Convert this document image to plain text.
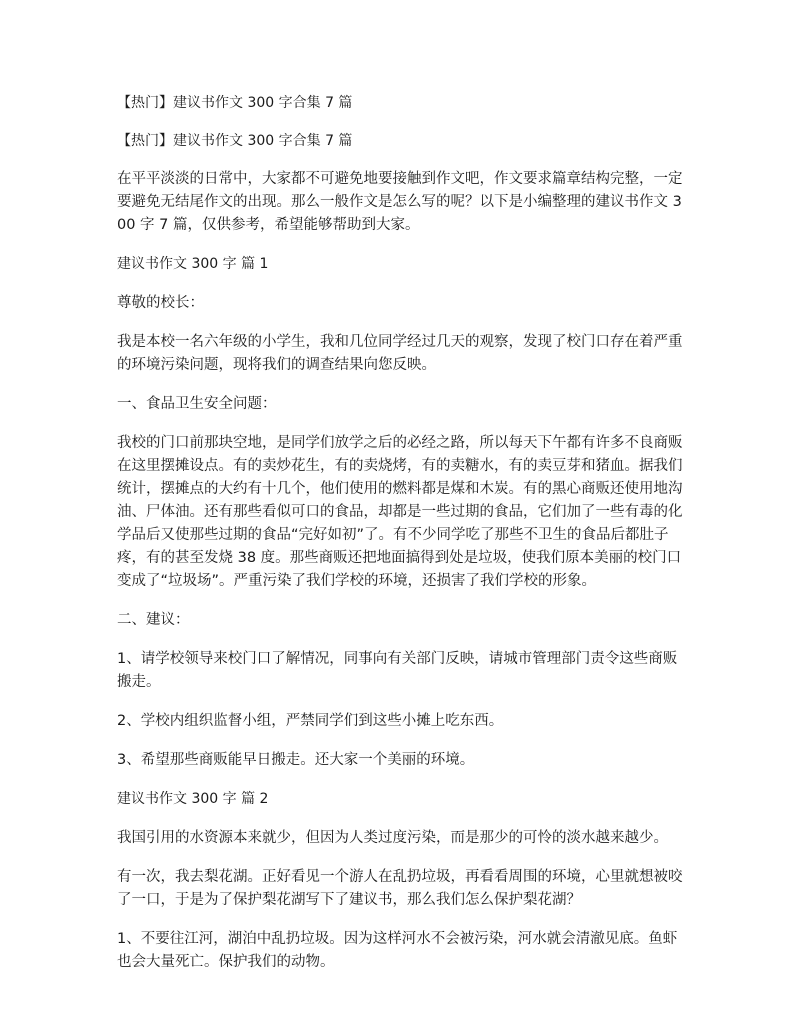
【热门】建议书作文 300 字合集 7 篇

【热门】建议书作文 300 字合集 7 篇

在平平淡淡的日常中，大家都不可避免地要接触到作文吧，作文要求篇章结构完整，一定要避免无结尾作文的出现。那么一般作文是怎么写的呢？以下是小编整理的建议书作文 300 字 7 篇，仅供参考，希望能够帮助到大家。

建议书作文 300 字 篇 1

尊敬的校长：

我是本校一名六年级的小学生，我和几位同学经过几天的观察，发现了校门口存在着严重的环境污染问题，现将我们的调查结果向您反映。

一、食品卫生安全问题：

我校的门口前那块空地，是同学们放学之后的必经之路，所以每天下午都有许多不良商贩在这里摆摊设点。有的卖炒花生，有的卖烧烤，有的卖糖水，有的卖豆芽和猪血。据我们统计，摆摊点的大约有十几个，他们使用的燃料都是煤和木炭。有的黑心商贩还使用地沟油、尸体油。还有那些看似可口的食品，却都是一些过期的食品，它们加了一些有毒的化学品后又使那些过期的食品“完好如初”了。有不少同学吃了那些不卫生的食品后都肚子疼，有的甚至发烧 38 度。那些商贩还把地面搞得到处是垃圾，使我们原本美丽的校门口变成了“垃圾场”。严重污染了我们学校的环境，还损害了我们学校的形象。

二、建议：

1、请学校领导来校门口了解情况，同事向有关部门反映，请城市管理部门责令这些商贩搬走。

2、学校内组织监督小组，严禁同学们到这些小摊上吃东西。

3、希望那些商贩能早日搬走。还大家一个美丽的环境。

建议书作文 300 字 篇 2

我国引用的水资源本来就少，但因为人类过度污染，而是那少的可怜的淡水越来越少。

有一次，我去梨花湖。正好看见一个游人在乱扔垃圾，再看看周围的环境，心里就想被咬了一口，于是为了保护梨花湖写下了建议书，那么我们怎么保护梨花湖？

1、不要往江河，湖泊中乱扔垃圾。因为这样河水不会被污染，河水就会清澈见底。鱼虾也会大量死亡。保护我们的动物。
